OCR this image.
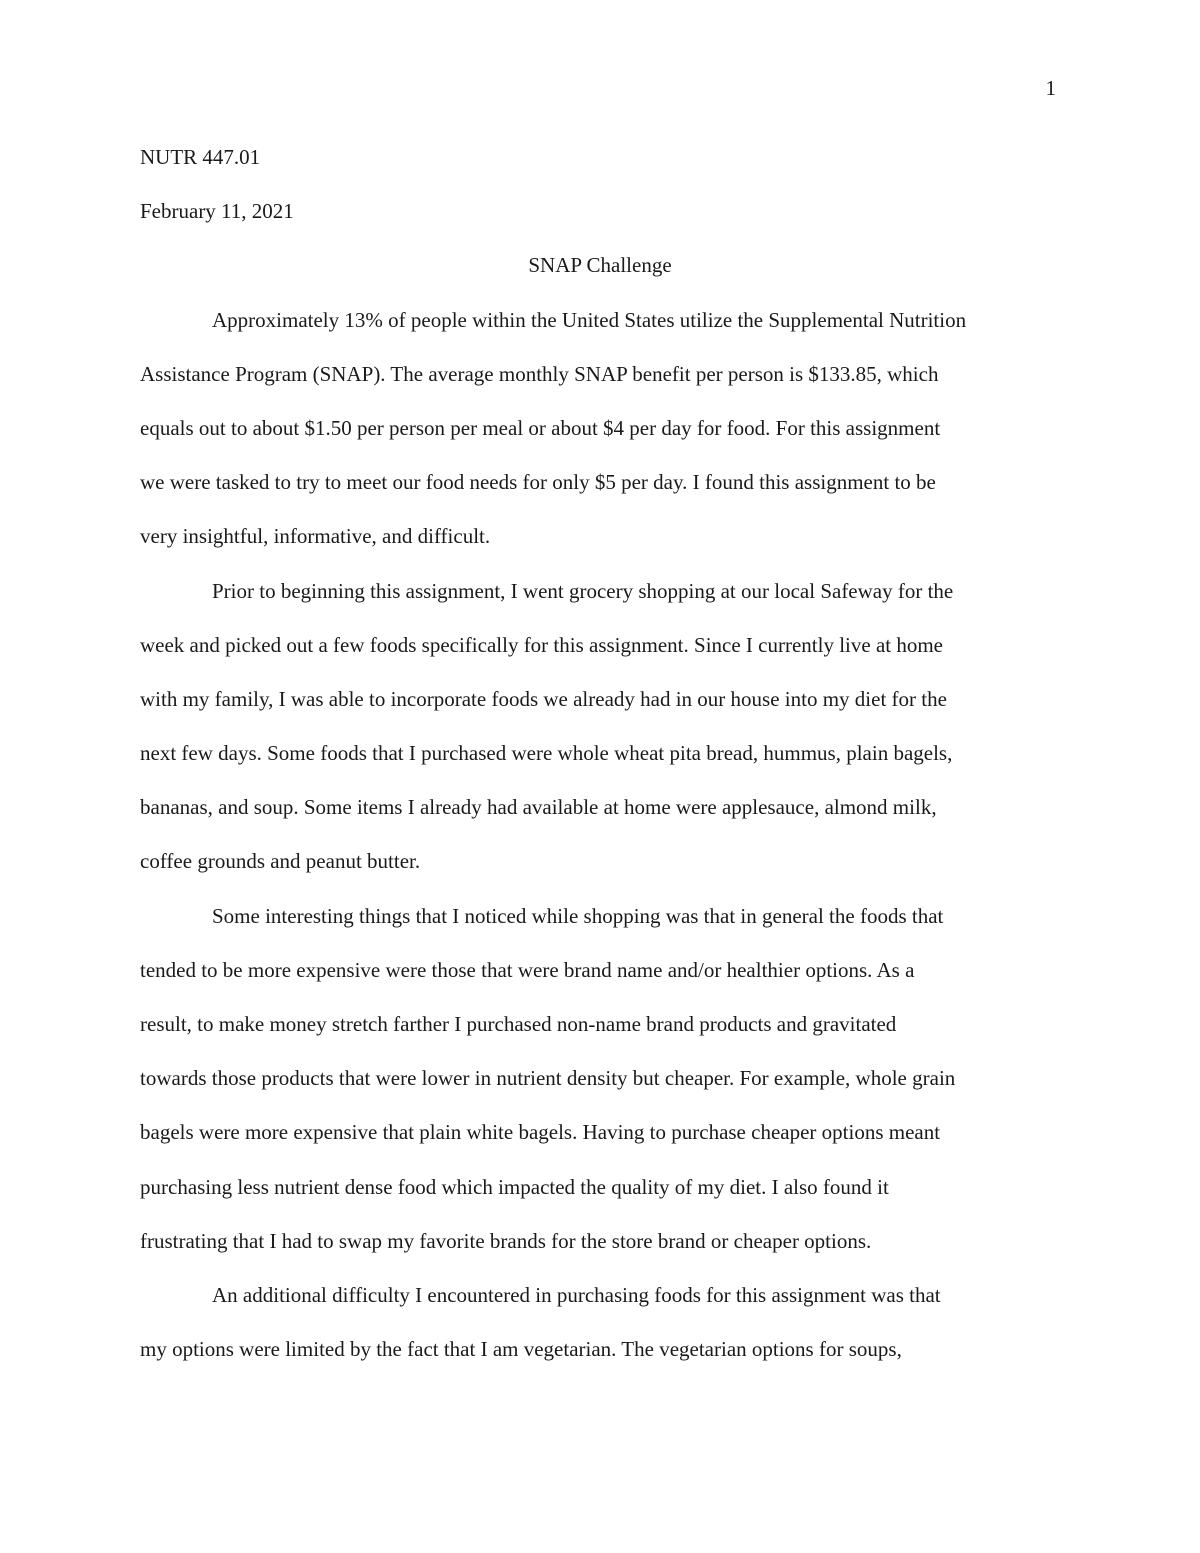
1
NUTR 447.01
February 11, 2021
SNAP Challenge
Approximately 13% of people within the United States utilize the Supplemental Nutrition
Assistance Program (SNAP). The average monthly SNAP benefit per person is $133.85, which
equals out to about $1.50 per person per meal or about $4 per day for food. For this assignment
we were tasked to try to meet our food needs for only $5 per day. I found this assignment to be
very insightful, informative, and difficult.
Prior to beginning this assignment, I went grocery shopping at our local Safeway for the
week and picked out a few foods specifically for this assignment. Since I currently live at home
with my family, I was able to incorporate foods we already had in our house into my diet for the
next few days. Some foods that I purchased were whole wheat pita bread, hummus, plain bagels,
bananas, and soup. Some items I already had available at home were applesauce, almond milk,
coffee grounds and peanut butter.
Some interesting things that I noticed while shopping was that in general the foods that
tended to be more expensive were those that were brand name and/or healthier options. As a
result, to make money stretch farther I purchased non-name brand products and gravitated
towards those products that were lower in nutrient density but cheaper. For example, whole grain
bagels were more expensive that plain white bagels. Having to purchase cheaper options meant
purchasing less nutrient dense food which impacted the quality of my diet. I also found it
frustrating that I had to swap my favorite brands for the store brand or cheaper options.
An additional difficulty I encountered in purchasing foods for this assignment was that
my options were limited by the fact that I am vegetarian. The vegetarian options for soups,
